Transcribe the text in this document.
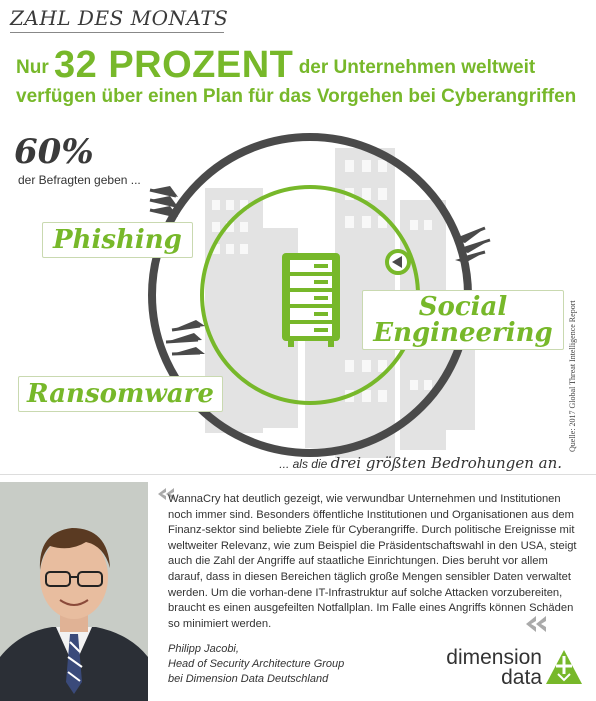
ZAHL DES MONATS
Nur 32 PROZENT der Unternehmen weltweit
verfügen über einen Plan für das Vorgehen bei Cyberangriffen
60%
der Befragten geben ...
Phishing
Social
Engineering
Ransomware
... als die drei größten Bedrohungen an.
Quelle: 2017 Global Threat Intelligence Report
WannaCry hat deutlich gezeigt, wie verwundbar Unternehmen und Institutionen noch immer sind. Besonders öffentliche Institutionen und Organisationen aus dem Finanz-sektor sind beliebte Ziele für Cyberangriffe. Durch politische Ereignisse mit weltweiter Relevanz, wie zum Beispiel die Präsidentschaftswahl in den USA, steigt auch die Zahl der Angriffe auf staatliche Einrichtungen. Dies beruht vor allem darauf, dass in diesen Bereichen täglich große Mengen sensibler Daten verwaltet werden. Um die vorhan-dene IT-Infrastruktur auf solche Attacken vorzubereiten, braucht es einen ausgefeilten Notfallplan. Im Falle eines Angriffs können Schäden so minimiert werden.
Philipp Jacobi,
Head of Security Architecture Group
bei Dimension Data Deutschland
dimension
data
